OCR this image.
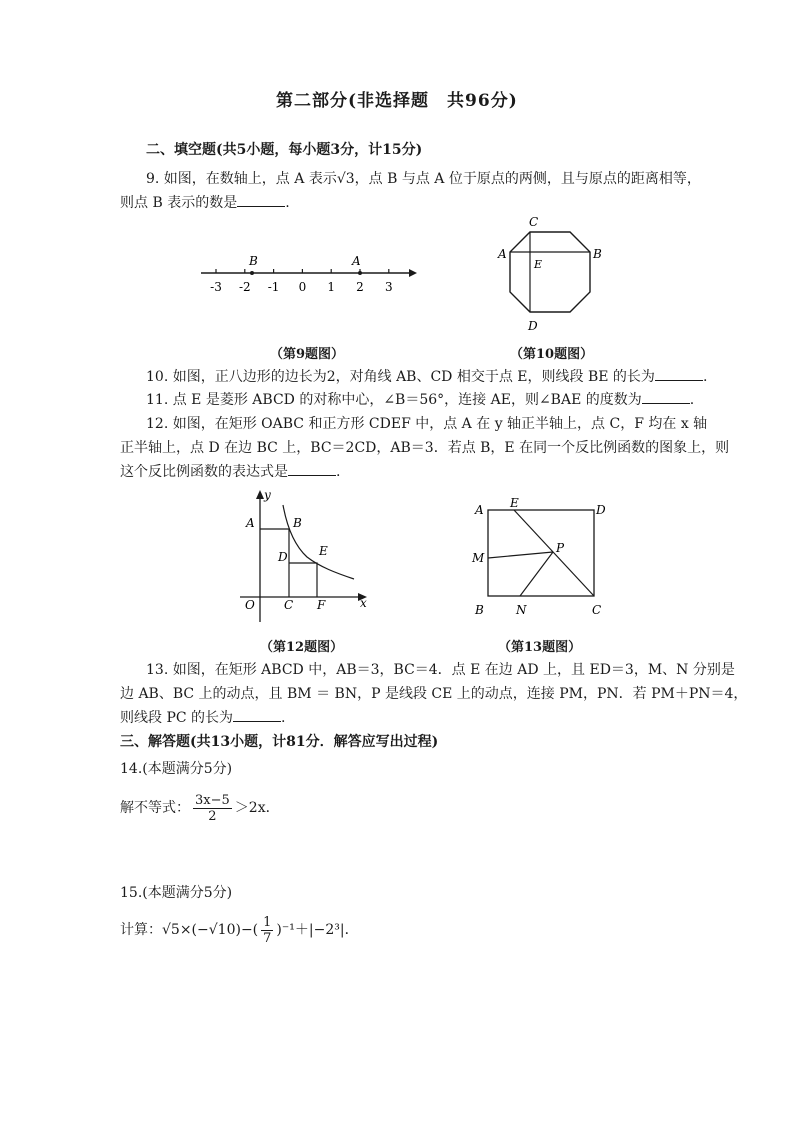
第二部分(非选择题　共96分)
二、填空题(共5小题，每小题3分，计15分)
9. 如图，在数轴上，点 A 表示√3，点 B 与点 A 位于原点的两侧，且与原点的距离相等，
则点 B 表示的数是	.
-3 -2 -1 0 1 2 3
B	A
（第9题图）
C
A
E
B
D
（第10题图）
10. 如图，正八边形的边长为2，对角线 AB、CD 相交于点 E，则线段 BE 的长为	.
11. 点 E 是菱形 ABCD 的对称中心，∠B＝56°，连接 AE，则∠BAE 的度数为	.
12. 如图，在矩形 OABC 和正方形 CDEF 中，点 A 在 y 轴正半轴上，点 C，F 均在 x 轴
正半轴上，点 D 在边 BC 上，BC＝2CD，AB＝3．若点 B，E 在同一个反比例函数的图象上，则
这个反比例函数的表达式是	.
y
A	B
D	E
O C F	x
（第12题图）
A E	D
M
P
B	N	C
（第13题图）
13. 如图，在矩形 ABCD 中，AB＝3，BC＝4．点 E 在边 AD 上，且 ED＝3，M、N 分别是
边 AB、BC 上的动点，且 BM ＝ BN，P 是线段 CE 上的动点，连接 PM，PN．若 PM＋PN＝4，
则线段 PC 的长为	.
三、解答题(共13小题，计81分．解答应写出过程)
14.(本题满分5分)
解不等式： $\frac{3x-5}{2} >2x$．
15.(本题满分5分)
计算：$√5\times(-√10)-( \frac{1}{7} )^{-1}+|-2^3|$．
